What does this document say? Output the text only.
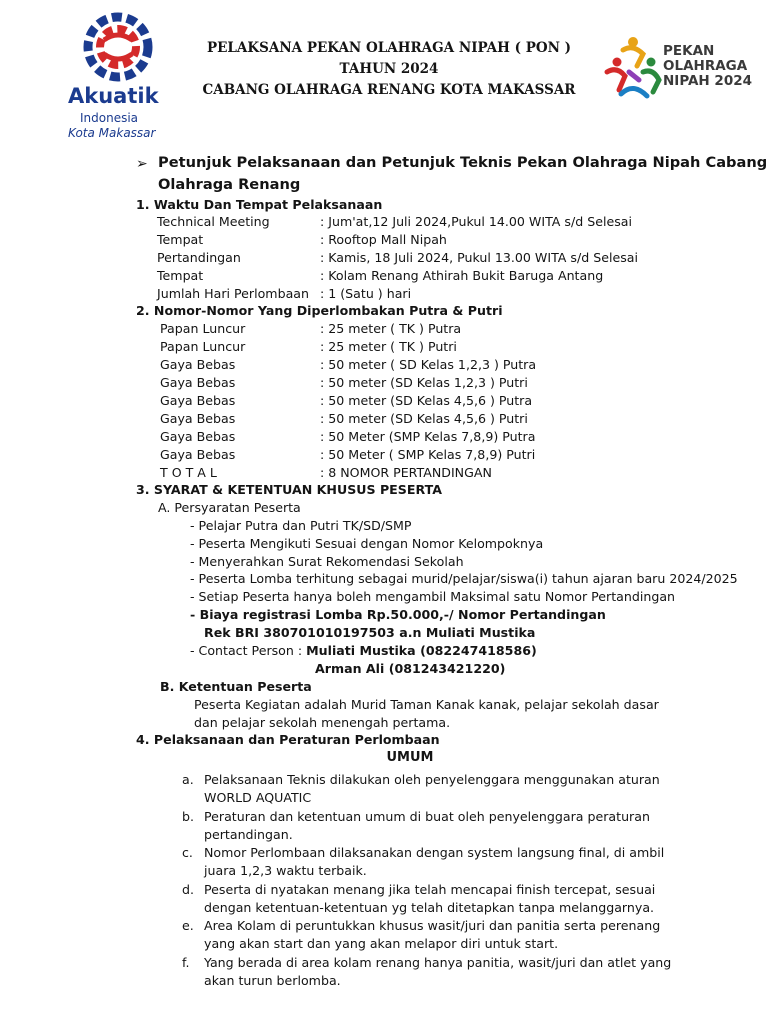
Akuatik
Indonesia
Kota Makassar
PELAKSANA PEKAN OLAHRAGA NIPAH ( PON )
TAHUN 2024
CABANG OLAHRAGA RENANG KOTA MAKASSAR
PEKAN
OLAHRAGA
NIPAH 2024
➢ Petunjuk Pelaksanaan dan Petunjuk Teknis Pekan Olahraga Nipah Cabang
Olahraga Renang
1. Waktu Dan Tempat Pelaksanaan
Technical Meeting	: Jum'at,12 Juli 2024,Pukul 14.00 WITA s/d Selesai
Tempat	: Rooftop Mall Nipah
Pertandingan	: Kamis, 18 Juli 2024, Pukul 13.00 WITA s/d Selesai
Tempat	: Kolam Renang Athirah Bukit Baruga Antang
Jumlah Hari Perlombaan : 1 (Satu ) hari
2. Nomor-Nomor Yang Diperlombakan Putra & Putri
Papan Luncur	: 25 meter ( TK ) Putra
Papan Luncur	: 25 meter ( TK ) Putri
Gaya Bebas	: 50 meter ( SD Kelas 1,2,3 ) Putra
Gaya Bebas	: 50 meter (SD Kelas 1,2,3 ) Putri
Gaya Bebas	: 50 meter (SD Kelas 4,5,6 ) Putra
Gaya Bebas	: 50 meter (SD Kelas 4,5,6 ) Putri
Gaya Bebas	: 50 Meter (SMP Kelas 7,8,9) Putra
Gaya Bebas	: 50 Meter ( SMP Kelas 7,8,9) Putri
T O T A L	: 8 NOMOR PERTANDINGAN
3. SYARAT & KETENTUAN KHUSUS PESERTA
A. Persyaratan Peserta
- Pelajar Putra dan Putri TK/SD/SMP
- Peserta Mengikuti Sesuai dengan Nomor Kelompoknya
- Menyerahkan Surat Rekomendasi Sekolah
- Peserta Lomba terhitung sebagai murid/pelajar/siswa(i) tahun ajaran baru 2024/2025
- Setiap Peserta hanya boleh mengambil Maksimal satu Nomor Pertandingan
- Biaya registrasi Lomba Rp.50.000,-/ Nomor Pertandingan
Rek BRI 380701010197503 a.n Muliati Mustika
- Contact Person : Muliati Mustika (082247418586)
Arman Ali (081243421220)
B. Ketentuan Peserta
Peserta Kegiatan adalah Murid Taman Kanak kanak, pelajar sekolah dasar
dan pelajar sekolah menengah pertama.
4. Pelaksanaan dan Peraturan Perlombaan
UMUM
a. Pelaksanaan Teknis dilakukan oleh penyelenggara menggunakan aturan
WORLD AQUATIC
b. Peraturan dan ketentuan umum di buat oleh penyelenggara peraturan
pertandingan.
c. Nomor Perlombaan dilaksanakan dengan system langsung final, di ambil
juara 1,2,3 waktu terbaik.
d. Peserta di nyatakan menang jika telah mencapai finish tercepat, sesuai
dengan ketentuan-ketentuan yg telah ditetapkan tanpa melanggarnya.
e. Area Kolam di peruntukkan khusus wasit/juri dan panitia serta perenang
yang akan start dan yang akan melapor diri untuk start.
f. Yang berada di area kolam renang hanya panitia, wasit/juri dan atlet yang
akan turun berlomba.
